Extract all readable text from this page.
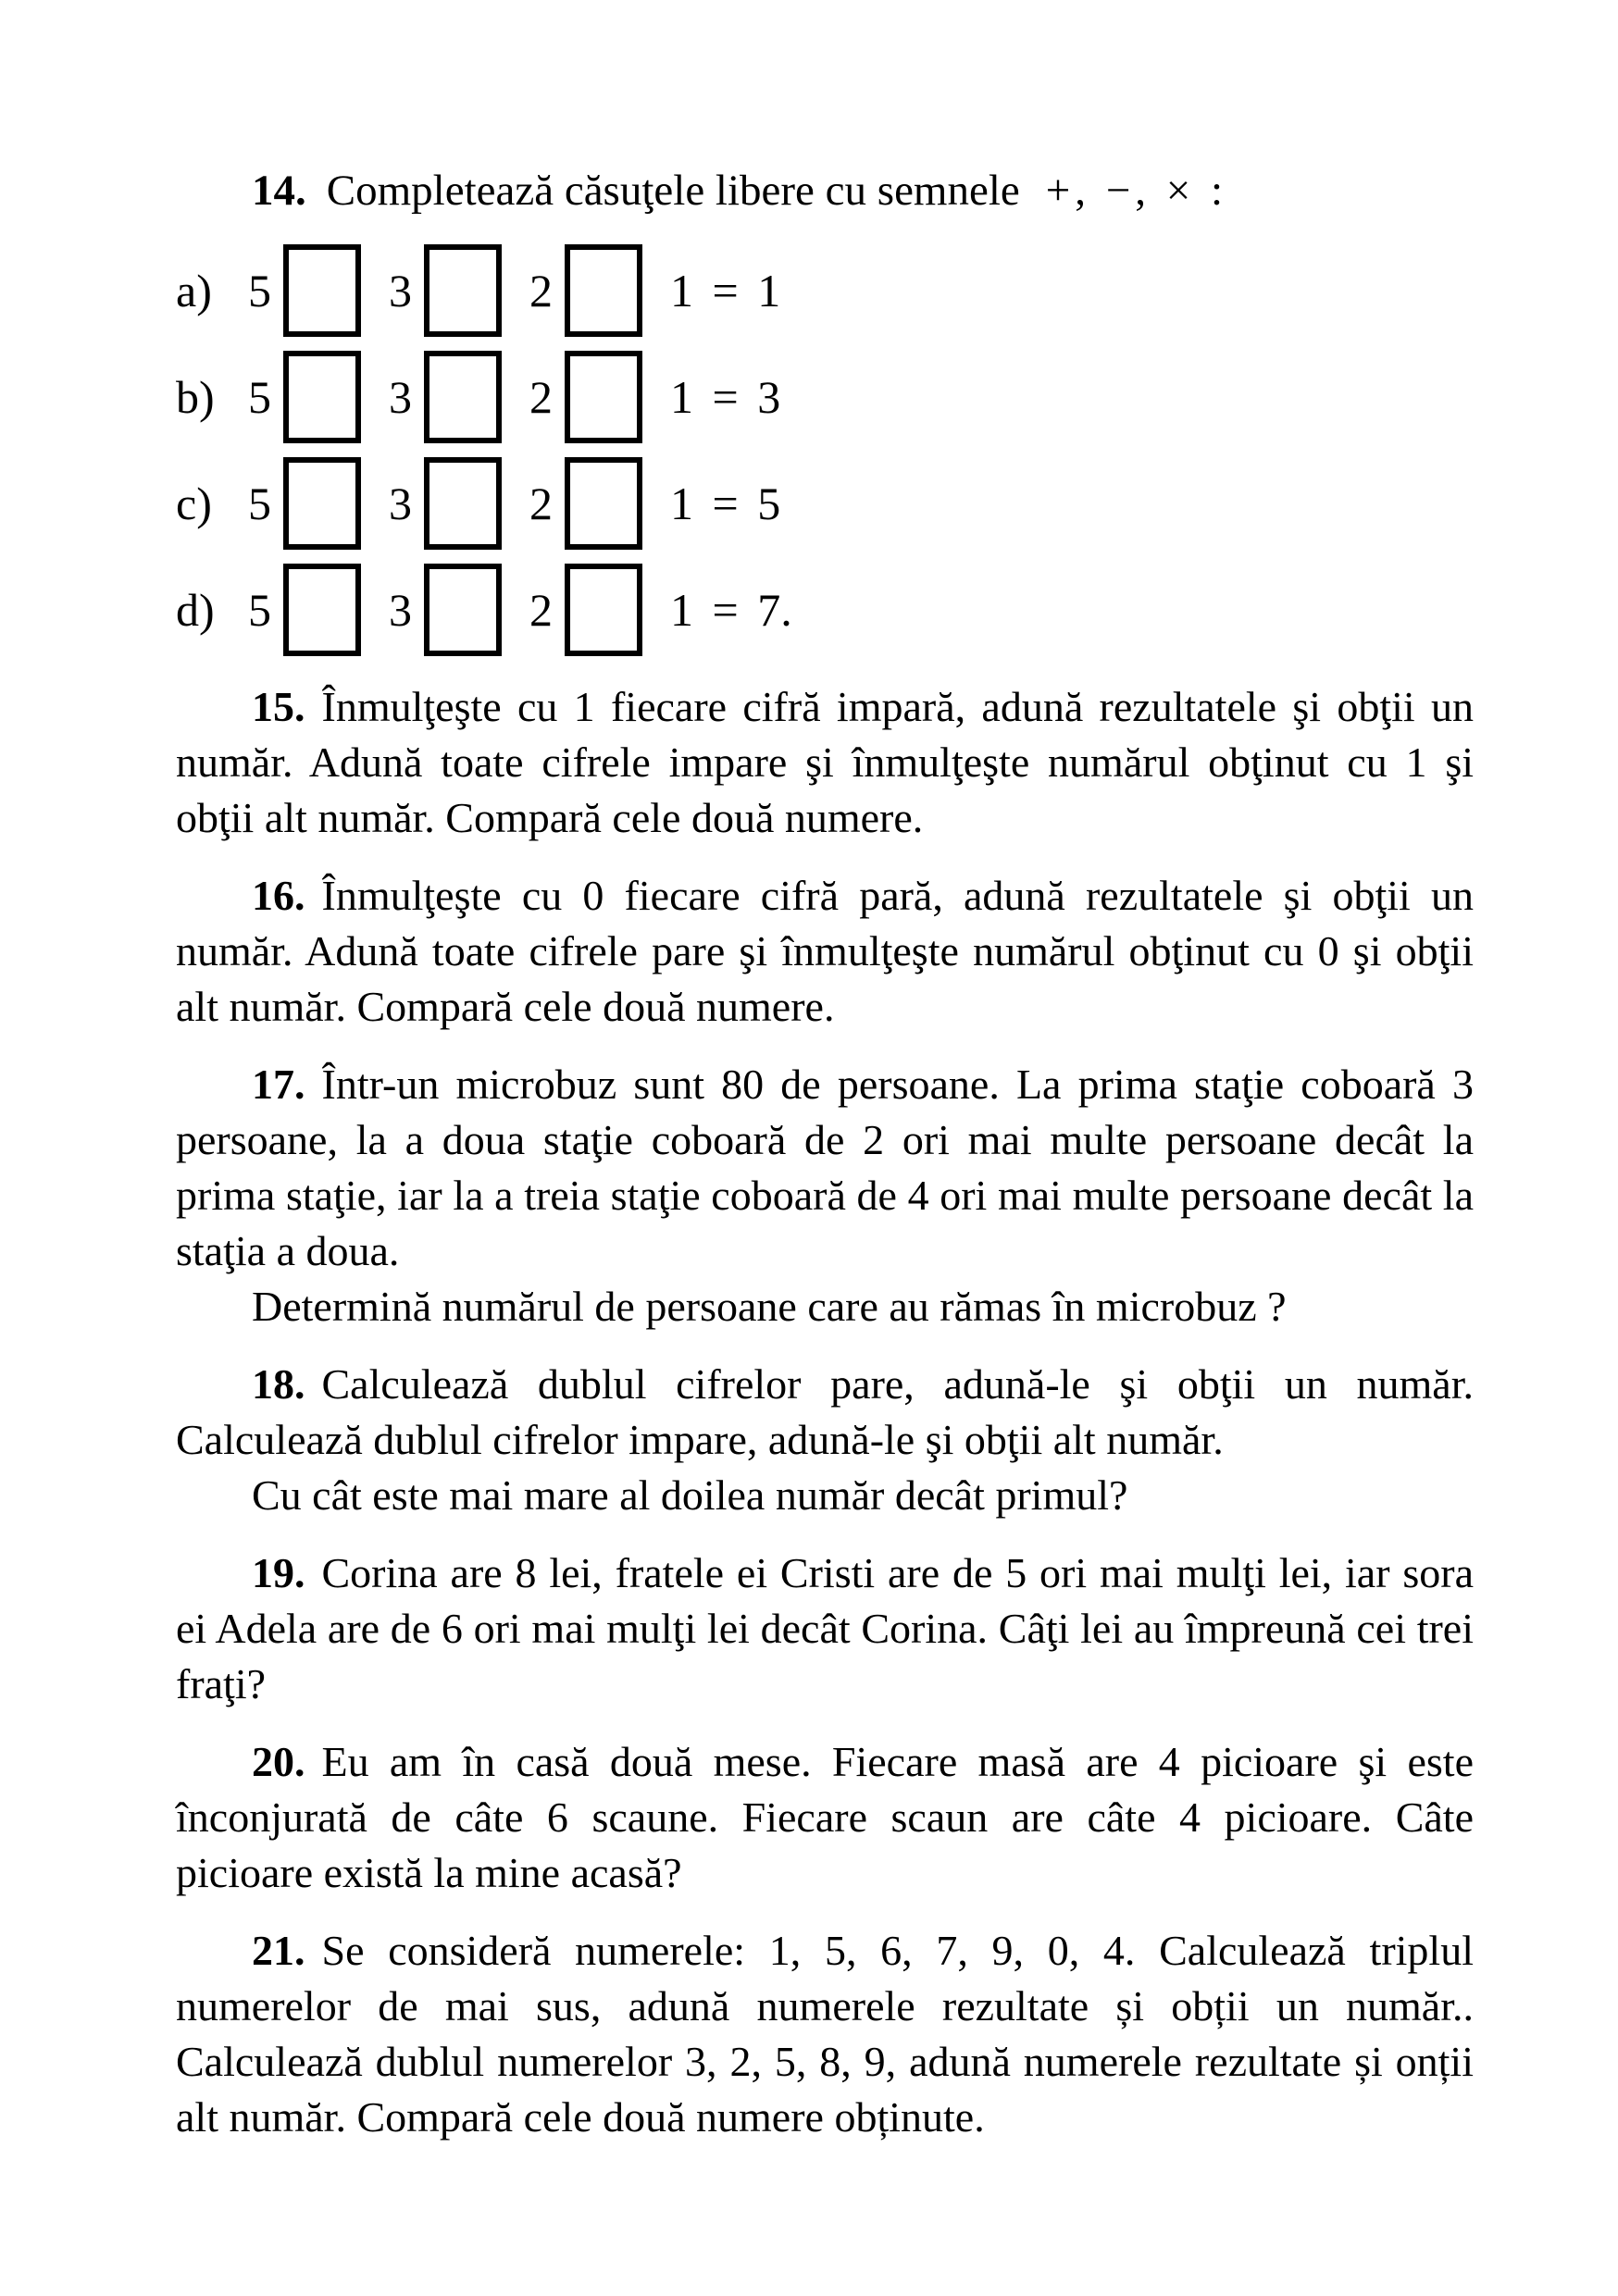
14. Completează căsuţele libere cu semnele +, −, × :

a) 5	3	2	1 = 1
b) 5	3	2	1 = 3
c) 5	3	2	1 = 5
d) 5	3	2	1 = 7.

15. Înmulţeşte cu 1 fiecare cifră impară, adună rezultatele şi obţii un număr. Adună toate cifrele impare şi înmulţeşte numărul obţinut cu 1 şi obţii alt număr. Compară cele două numere.

16. Înmulţeşte cu 0 fiecare cifră pară, adună rezultatele şi obţii un număr. Adună toate cifrele pare şi înmulţeşte numărul obţinut cu 0 şi obţii alt număr. Compară cele două numere.

17. Într-un microbuz sunt 80 de persoane. La prima staţie coboară 3 persoane, la a doua staţie coboară de 2 ori mai multe persoane decât la prima staţie, iar la a treia staţie coboară de 4 ori mai multe persoane decât la staţia a doua.

Determină numărul de persoane care au rămas în microbuz ?

18. Calculează dublul cifrelor pare, adună-le şi obţii un număr. Calculează dublul cifrelor impare, adună-le şi obţii alt număr.

Cu cât este mai mare al doilea număr decât primul?

19. Corina are 8 lei, fratele ei Cristi are de 5 ori mai mulţi lei, iar sora ei Adela are de 6 ori mai mulţi lei decât Corina. Câţi lei au împreună cei trei fraţi?

20. Eu am în casă două mese. Fiecare masă are 4 picioare şi este înconjurată de câte 6 scaune. Fiecare scaun are câte 4 picioare. Câte picioare există la mine acasă?

21. Se consideră numerele: 1, 5, 6, 7, 9, 0, 4. Calculează triplul numerelor de mai sus, adună numerele rezultate și obții un număr.. Calculează dublul numerelor 3, 2, 5, 8, 9, adună numerele rezultate și onții alt număr. Compară cele două numere obținute.
